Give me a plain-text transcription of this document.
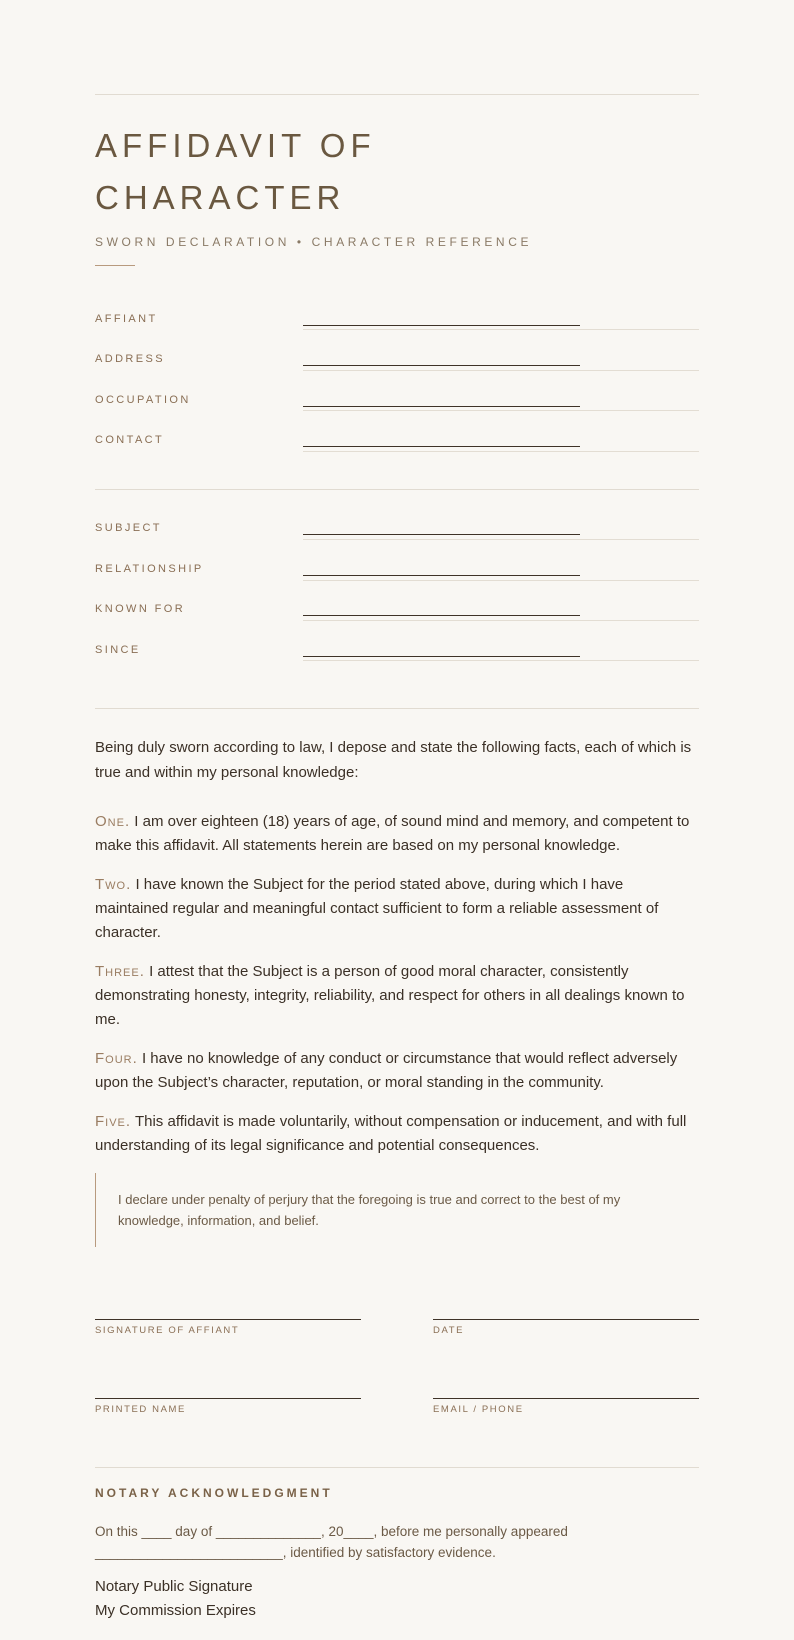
AFFIDAVIT OF
CHARACTER
SWORN DECLARATION • CHARACTER REFERENCE
AFFIANT
ADDRESS
OCCUPATION
CONTACT
SUBJECT
RELATIONSHIP
KNOWN FOR
SINCE
Being duly sworn according to law, I depose and state the following facts, each of which is true and within my personal knowledge:
One. I am over eighteen (18) years of age, of sound mind and memory, and competent to make this affidavit. All statements herein are based on my personal knowledge.
Two. I have known the Subject for the period stated above, during which I have maintained regular and meaningful contact sufficient to form a reliable assessment of character.
Three. I attest that the Subject is a person of good moral character, consistently demonstrating honesty, integrity, reliability, and respect for others in all dealings known to me.
Four. I have no knowledge of any conduct or circumstance that would reflect adversely upon the Subject’s character, reputation, or moral standing in the community.
Five. This affidavit is made voluntarily, without compensation or inducement, and with full understanding of its legal significance and potential consequences.
I declare under penalty of perjury that the foregoing is true and correct to the best of my knowledge, information, and belief.
SIGNATURE OF AFFIANT	DATE
PRINTED NAME	EMAIL / PHONE
NOTARY ACKNOWLEDGMENT
On this ____ day of ______________, 20____, before me personally appeared _________________________, identified by satisfactory evidence.
Notary Public Signature
My Commission Expires
